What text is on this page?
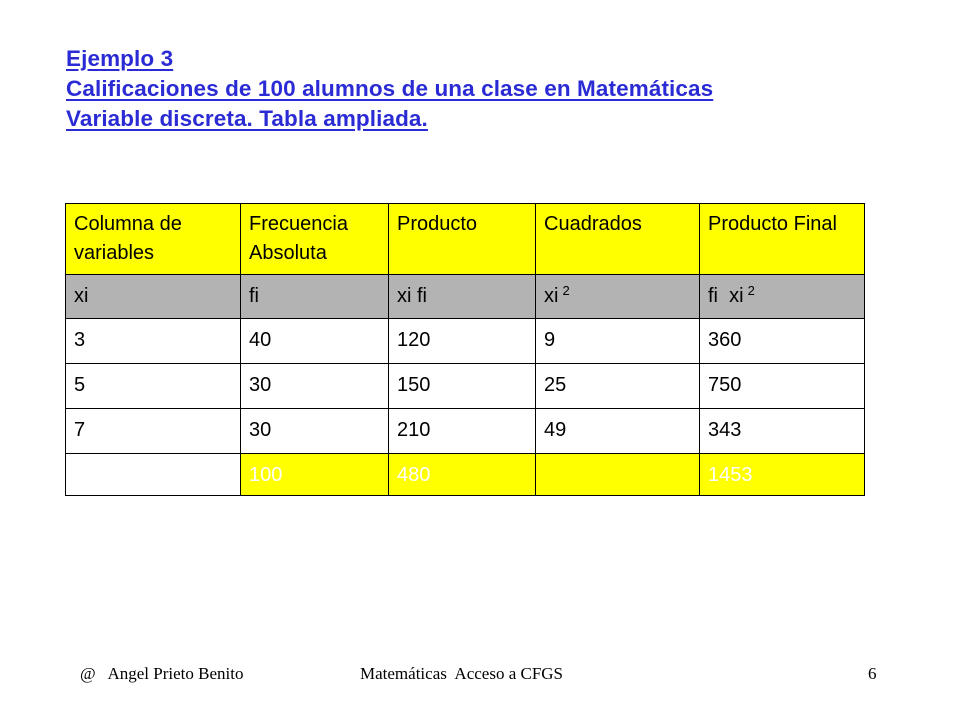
Ejemplo 3
Calificaciones de 100 alumnos de una clase en Matemáticas
Variable discreta. Tabla ampliada.
Columna de variables	Frecuencia Absoluta	Producto	Cuadrados	Producto Final
xi	fi	xi fi	xi $^2$	fi  xi $^2$
3	40	120	9	360
5	30	150	25	750
7	30	210	49	343
	100	480		1453
@   Angel Prieto Benito	Matemáticas  Acceso a CFGS	6
